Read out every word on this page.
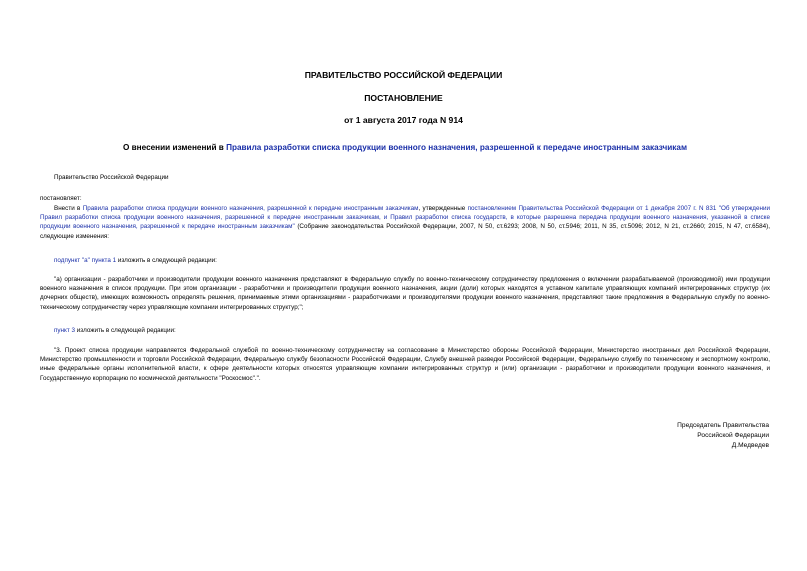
ПРАВИТЕЛЬСТВО РОССИЙСКОЙ ФЕДЕРАЦИИ
ПОСТАНОВЛЕНИЕ
от 1 августа 2017 года N 914
О внесении изменений в Правила разработки списка продукции военного назначения, разрешенной к передаче иностранным заказчикам
Правительство Российской Федерации
постановляет:
Внести в Правила разработки списка продукции военного назначения, разрешенной к передаче иностранным заказчикам, утвержденные постановлением Правительства Российской Федерации от 1 декабря 2007 г. N 831 "Об утверждении Правил разработки списка продукции военного назначения, разрешенной к передаче иностранным заказчикам, и Правил разработки списка государств, в которые разрешена передача продукции военного назначения, указанной в списке продукции военного назначения, разрешенной к передаче иностранным заказчикам" (Собрание законодательства Российской Федерации, 2007, N 50, ст.6293; 2008, N 50, ст.5946; 2011, N 35, ст.5096; 2012, N 21, ст.2660; 2015, N 47, ст.6584), следующие изменения:
подпункт "а" пункта 1 изложить в следующей редакции:
"а) организации - разработчики и производители продукции военного назначения представляют в Федеральную службу по военно-техническому сотрудничеству предложения о включении разрабатываемой (производимой) ими продукции военного назначения в список продукции. При этом организации - разработчики и производители продукции военного назначения, акции (доли) которых находятся в уставном капитале управляющих компаний интегрированных структур (их дочерних обществ), имеющих возможность определять решения, принимаемые этими организациями - разработчиками и производителями продукции военного назначения, представляют такие предложения в Федеральную службу по военно-техническому сотрудничеству через управляющие компании интегрированных структур;";
пункт 3 изложить в следующей редакции:
"3. Проект списка продукции направляется Федеральной службой по военно-техническому сотрудничеству на согласование в Министерство обороны Российской Федерации, Министерство иностранных дел Российской Федерации, Министерство промышленности и торговли Российской Федерации, Федеральную службу безопасности Российской Федерации, Службу внешней разведки Российской Федерации, Федеральную службу по техническому и экспортному контролю, иные федеральные органы исполнительной власти, к сфере деятельности которых относятся управляющие компании интегрированных структур и (или) организации - разработчики и производители продукции военного назначения, и Государственную корпорацию по космической деятельности "Роскосмос".".
Председатель Правительства
Российской Федерации
Д.Медведев
